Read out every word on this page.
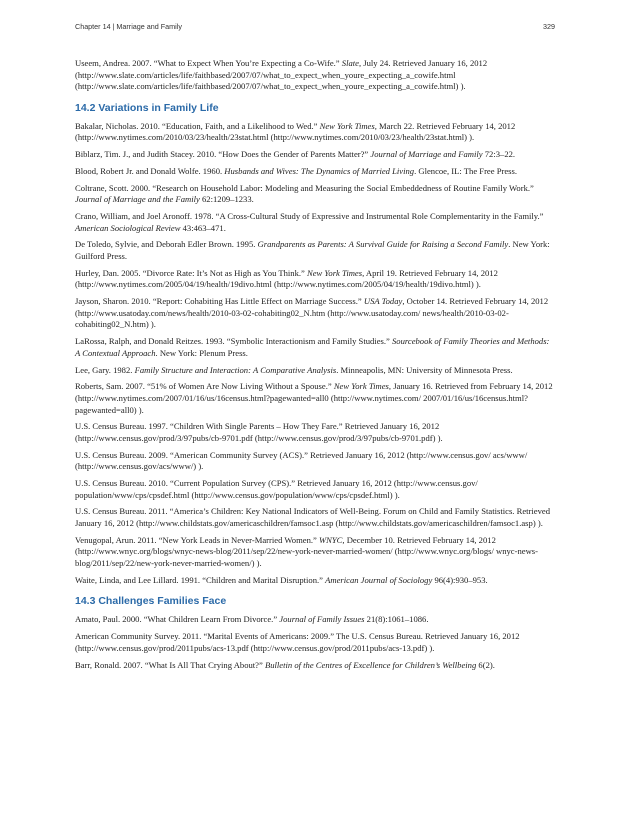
Chapter 14 | Marriage and Family	329

Useem, Andrea. 2007. “What to Expect When You’re Expecting a Co-Wife.” Slate, July 24. Retrieved January 16, 2012 (http://www.slate.com/articles/life/faithbased/2007/07/what_to_expect_when_youre_expecting_a_cowife.html (http://www.slate.com/articles/life/faithbased/2007/07/what_to_expect_when_youre_expecting_a_cowife.html) ).

14.2 Variations in Family Life

Bakalar, Nicholas. 2010. “Education, Faith, and a Likelihood to Wed.” New York Times, March 22. Retrieved February 14, 2012 (http://www.nytimes.com/2010/03/23/health/23stat.html (http://www.nytimes.com/2010/03/23/health/23stat.html) ).

Biblarz, Tim. J., and Judith Stacey. 2010. “How Does the Gender of Parents Matter?” Journal of Marriage and Family 72:3–22.

Blood, Robert Jr. and Donald Wolfe. 1960. Husbands and Wives: The Dynamics of Married Living. Glencoe, IL: The Free Press.

Coltrane, Scott. 2000. “Research on Household Labor: Modeling and Measuring the Social Embeddedness of Routine Family Work.” Journal of Marriage and the Family 62:1209–1233.

Crano, William, and Joel Aronoff. 1978. “A Cross-Cultural Study of Expressive and Instrumental Role Complementarity in the Family.” American Sociological Review 43:463–471.

De Toledo, Sylvie, and Deborah Edler Brown. 1995. Grandparents as Parents: A Survival Guide for Raising a Second Family. New York: Guilford Press.

Hurley, Dan. 2005. “Divorce Rate: It’s Not as High as You Think.” New York Times, April 19. Retrieved February 14, 2012 (http://www.nytimes.com/2005/04/19/health/19divo.html (http://www.nytimes.com/2005/04/19/health/19divo.html) ).

Jayson, Sharon. 2010. “Report: Cohabiting Has Little Effect on Marriage Success.” USA Today, October 14. Retrieved February 14, 2012 (http://www.usatoday.com/news/health/2010-03-02-cohabiting02_N.htm (http://www.usatoday.com/ news/health/2010-03-02-cohabiting02_N.htm) ).

LaRossa, Ralph, and Donald Reitzes. 1993. “Symbolic Interactionism and Family Studies.” Sourcebook of Family Theories and Methods: A Contextual Approach. New York: Plenum Press.

Lee, Gary. 1982. Family Structure and Interaction: A Comparative Analysis. Minneapolis, MN: University of Minnesota Press.

Roberts, Sam. 2007. “51% of Women Are Now Living Without a Spouse.” New York Times, January 16. Retrieved from February 14, 2012 (http://www.nytimes.com/2007/01/16/us/16census.html?pagewanted=all0 (http://www.nytimes.com/ 2007/01/16/us/16census.html?pagewanted=all0) ).

U.S. Census Bureau. 1997. “Children With Single Parents – How They Fare.” Retrieved January 16, 2012 (http://www.census.gov/prod/3/97pubs/cb-9701.pdf (http://www.census.gov/prod/3/97pubs/cb-9701.pdf) ).

U.S. Census Bureau. 2009. “American Community Survey (ACS).” Retrieved January 16, 2012 (http://www.census.gov/ acs/www/ (http://www.census.gov/acs/www/) ).

U.S. Census Bureau. 2010. “Current Population Survey (CPS).” Retrieved January 16, 2012 (http://www.census.gov/ population/www/cps/cpsdef.html (http://www.census.gov/population/www/cps/cpsdef.html) ).

U.S. Census Bureau. 2011. “America’s Children: Key National Indicators of Well-Being. Forum on Child and Family Statistics. Retrieved January 16, 2012 (http://www.childstats.gov/americaschildren/famsoc1.asp (http://www.childstats.gov/americaschildren/famsoc1.asp) ).

Venugopal, Arun. 2011. “New York Leads in Never-Married Women.” WNYC, December 10. Retrieved February 14, 2012 (http://www.wnyc.org/blogs/wnyc-news-blog/2011/sep/22/new-york-never-married-women/ (http://www.wnyc.org/blogs/ wnyc-news-blog/2011/sep/22/new-york-never-married-women/) ).

Waite, Linda, and Lee Lillard. 1991. “Children and Marital Disruption.” American Journal of Sociology 96(4):930–953.

14.3 Challenges Families Face

Amato, Paul. 2000. “What Children Learn From Divorce.” Journal of Family Issues 21(8):1061–1086.

American Community Survey. 2011. “Marital Events of Americans: 2009.” The U.S. Census Bureau. Retrieved January 16, 2012 (http://www.census.gov/prod/2011pubs/acs-13.pdf (http://www.census.gov/prod/2011pubs/acs-13.pdf) ).

Barr, Ronald. 2007. “What Is All That Crying About?” Bulletin of the Centres of Excellence for Children’s Wellbeing 6(2).
